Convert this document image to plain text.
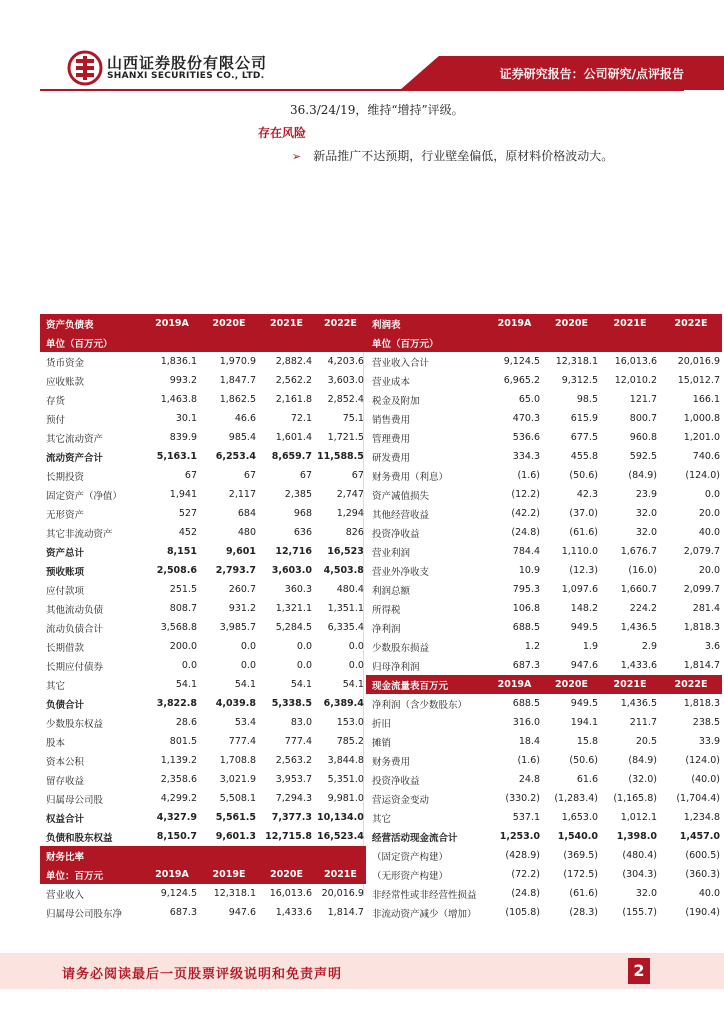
山西证券股份有限公司
SHANXI SECURITIES CO., LTD.	证券研究报告：公司研究/点评报告
36.3/24/19，维持“增持”评级。
存在风险
➢ 新品推广不达预期，行业壁垒偏低，原材料价格波动大。
资产负债表	2019A	2020E	2021E	2022E
单位（百万元）				
货币资金	1,836.1	1,970.9	2,882.4	4,203.6
应收账款	993.2	1,847.7	2,562.2	3,603.0
存货	1,463.8	1,862.5	2,161.8	2,852.4
预付	30.1	46.6	72.1	75.1
其它流动资产	839.9	985.4	1,601.4	1,721.5
流动资产合计	5,163.1	6,253.4	8,659.7	11,588.5
长期投资	67	67	67	67
固定资产（净值）	1,941	2,117	2,385	2,747
无形资产	527	684	968	1,294
其它非流动资产	452	480	636	826
资产总计	8,151	9,601	12,716	16,523
预收账项	2,508.6	2,793.7	3,603.0	4,503.8
应付款项	251.5	260.7	360.3	480.4
其他流动负债	808.7	931.2	1,321.1	1,351.1
流动负债合计	3,568.8	3,985.7	5,284.5	6,335.4
长期借款	200.0	0.0	0.0	0.0
长期应付债券	0.0	0.0	0.0	0.0
其它	54.1	54.1	54.1	54.1
负债合计	3,822.8	4,039.8	5,338.5	6,389.4
少数股东权益	28.6	53.4	83.0	153.0
股本	801.5	777.4	777.4	785.2
资本公积	1,139.2	1,708.8	2,563.2	3,844.8
留存收益	2,358.6	3,021.9	3,953.7	5,351.0
归属母公司股	4,299.2	5,508.1	7,294.3	9,981.0
权益合计	4,327.9	5,561.5	7,377.3	10,134.0
负债和股东权益	8,150.7	9,601.3	12,715.8	16,523.4
财务比率				
单位：百万元	2019A	2019E	2020E	2021E
营业收入	9,124.5	12,318.1	16,013.6	20,016.9
归属母公司股东净	687.3	947.6	1,433.6	1,814.7
利润表	2019A	2020E	2021E	2022E
单位（百万元）				
营业收入合计	9,124.5	12,318.1	16,013.6	20,016.9
营业成本	6,965.2	9,312.5	12,010.2	15,012.7
税金及附加	65.0	98.5	121.7	166.1
销售费用	470.3	615.9	800.7	1,000.8
管理费用	536.6	677.5	960.8	1,201.0
研发费用	334.3	455.8	592.5	740.6
财务费用（利息）	(1.6)	(50.6)	(84.9)	(124.0)
资产减值损失	(12.2)	42.3	23.9	0.0
其他经营收益	(42.2)	(37.0)	32.0	20.0
投资净收益	(24.8)	(61.6)	32.0	40.0
营业利润	784.4	1,110.0	1,676.7	2,079.7
营业外净收支	10.9	(12.3)	(16.0)	20.0
利润总额	795.3	1,097.6	1,660.7	2,099.7
所得税	106.8	148.2	224.2	281.4
净利润	688.5	949.5	1,436.5	1,818.3
少数股东损益	1.2	1.9	2.9	3.6
归母净利润	687.3	947.6	1,433.6	1,814.7
现金流量表百万元	2019A	2020E	2021E	2022E
净利润（含少数股东）	688.5	949.5	1,436.5	1,818.3
折旧	316.0	194.1	211.7	238.5
摊销	18.4	15.8	20.5	33.9
财务费用	(1.6)	(50.6)	(84.9)	(124.0)
投资净收益	24.8	61.6	(32.0)	(40.0)
营运资金变动	(330.2)	(1,283.4)	(1,165.8)	(1,704.4)
其它	537.1	1,653.0	1,012.1	1,234.8
经营活动现金流合计	1,253.0	1,540.0	1,398.0	1,457.0
（固定资产构建）	(428.9)	(369.5)	(480.4)	(600.5)
（无形资产构建）	(72.2)	(172.5)	(304.3)	(360.3)
非经常性或非经营性损益	(24.8)	(61.6)	32.0	40.0
非流动资产减少（增加）	(105.8)	(28.3)	(155.7)	(190.4)
请务必阅读最后一页股票评级说明和免责声明	2
